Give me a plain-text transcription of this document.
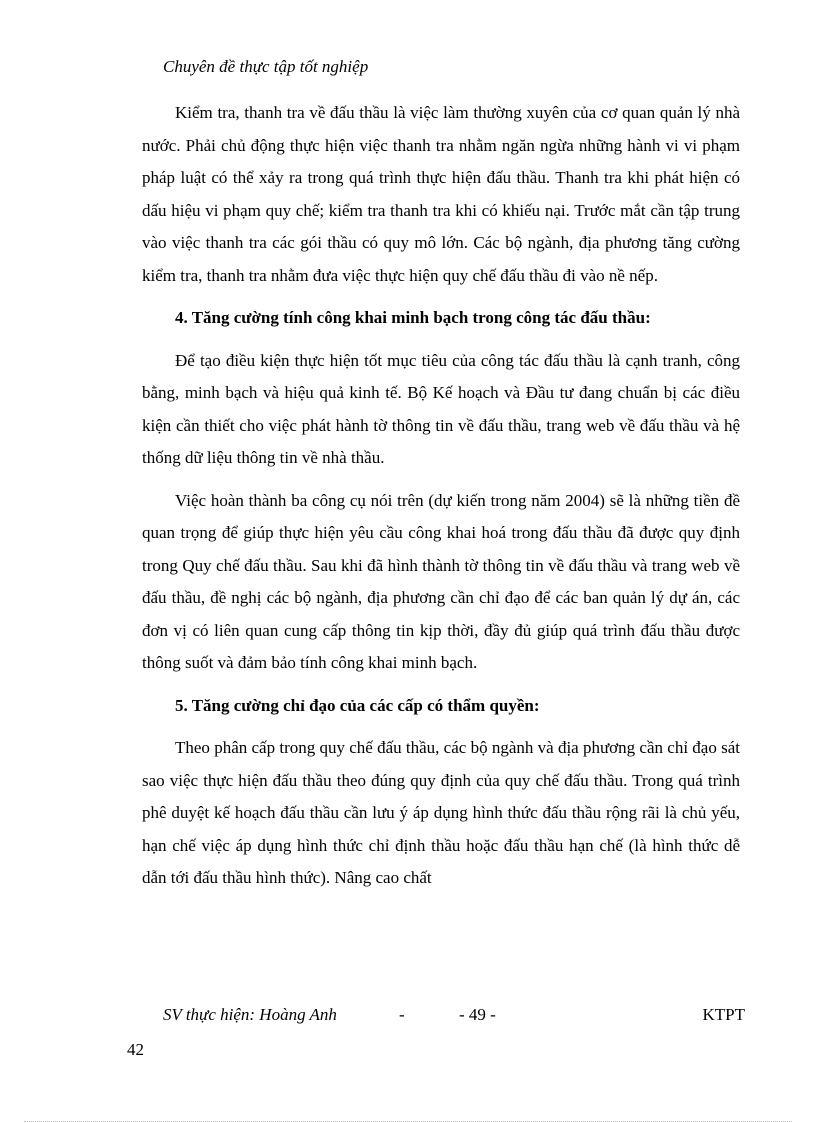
Chuyên đề thực tập tốt nghiệp

Kiểm tra, thanh tra về đấu thầu là việc làm thường xuyên của cơ quan quản lý nhà nước. Phải chủ động thực hiện việc thanh tra nhằm ngăn ngừa những hành vi vi phạm pháp luật có thể xảy ra trong quá trình thực hiện đấu thầu. Thanh tra khi phát hiện có dấu hiệu vi phạm quy chế; kiểm tra thanh tra khi có khiếu nại. Trước mắt cần tập trung vào việc thanh tra các gói thầu có quy mô lớn. Các bộ ngành, địa phương tăng cường kiểm tra, thanh tra nhằm đưa việc thực hiện quy chế đấu thầu đi vào nề nếp.

4. Tăng cường tính công khai minh bạch trong công tác đấu thầu:

Để tạo điều kiện thực hiện tốt mục tiêu của công tác đấu thầu là cạnh tranh, công bằng, minh bạch và hiệu quả kinh tế. Bộ Kế hoạch và Đầu tư đang chuẩn bị các điều kiện cần thiết cho việc phát hành tờ thông tin về đấu thầu, trang web về đấu thầu và hệ thống dữ liệu thông tin về nhà thầu.

Việc hoàn thành ba công cụ nói trên (dự kiến trong năm 2004) sẽ là những tiền đề quan trọng để giúp thực hiện yêu cầu công khai hoá trong đấu thầu đã được quy định trong Quy chế đấu thầu. Sau khi đã hình thành tờ thông tin về đấu thầu và trang web về đấu thầu, đề nghị các bộ ngành, địa phương cần chỉ đạo để các ban quản lý dự án, các đơn vị có liên quan cung cấp thông tin kịp thời, đầy đủ giúp quá trình đấu thầu được thông suốt và đảm bảo tính công khai minh bạch.

5. Tăng cường chỉ đạo của các cấp có thẩm quyền:

Theo phân cấp trong quy chế đấu thầu, các bộ ngành và địa phương cần chỉ đạo sát sao việc thực hiện đấu thầu theo đúng quy định của quy chế đấu thầu. Trong quá trình phê duyệt kế hoạch đấu thầu cần lưu ý áp dụng hình thức đấu thầu rộng rãi là chủ yếu, hạn chế việc áp dụng hình thức chỉ định thầu hoặc đấu thầu hạn chế (là hình thức dễ dẫn tới đấu thầu hình thức). Nâng cao chất

SV thực hiện: Hoàng Anh	-	- 49 -	KTPT
42
